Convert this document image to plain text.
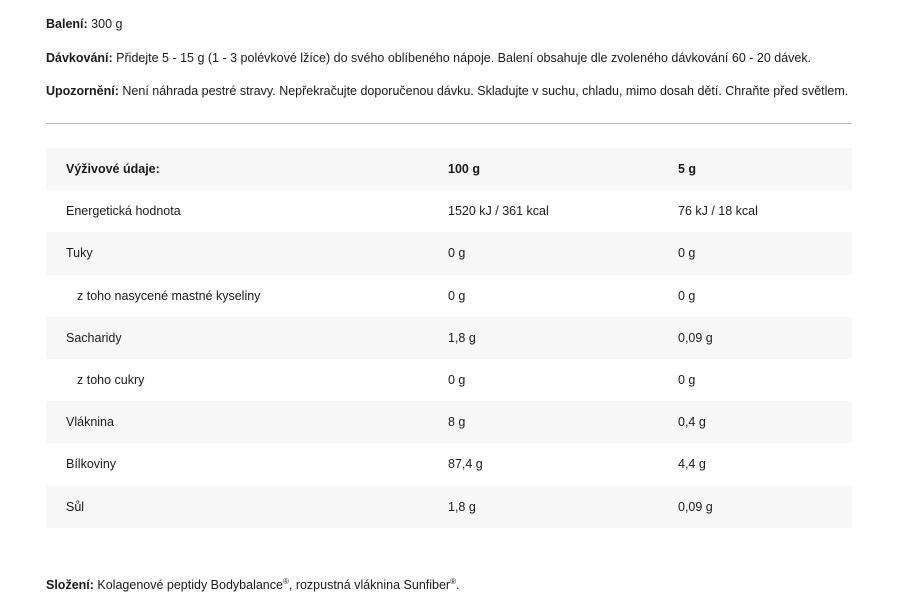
Balení: 300 g

Dávkování: Přidejte 5 - 15 g (1 - 3 polévkové lžíce) do svého oblíbeného nápoje. Balení obsahuje dle zvoleného dávkování 60 - 20 dávek.

Upozornění: Není náhrada pestré stravy. Nepřekračujte doporučenou dávku. Skladujte v suchu, chladu, mimo dosah dětí. Chraňte před světlem.

Výživové údaje:	100 g	5 g
Energetická hodnota	1520 kJ / 361 kcal	76 kJ / 18 kcal
Tuky	0 g	0 g
z toho nasycené mastné kyseliny	0 g	0 g
Sacharidy	1,8 g	0,09 g
z toho cukry	0 g	0 g
Vláknina	8 g	0,4 g
Bílkoviny	87,4 g	4,4 g
Sůl	1,8 g	0,09 g

Složení: Kolagenové peptidy Bodybalance®, rozpustná vláknina Sunfiber®.
